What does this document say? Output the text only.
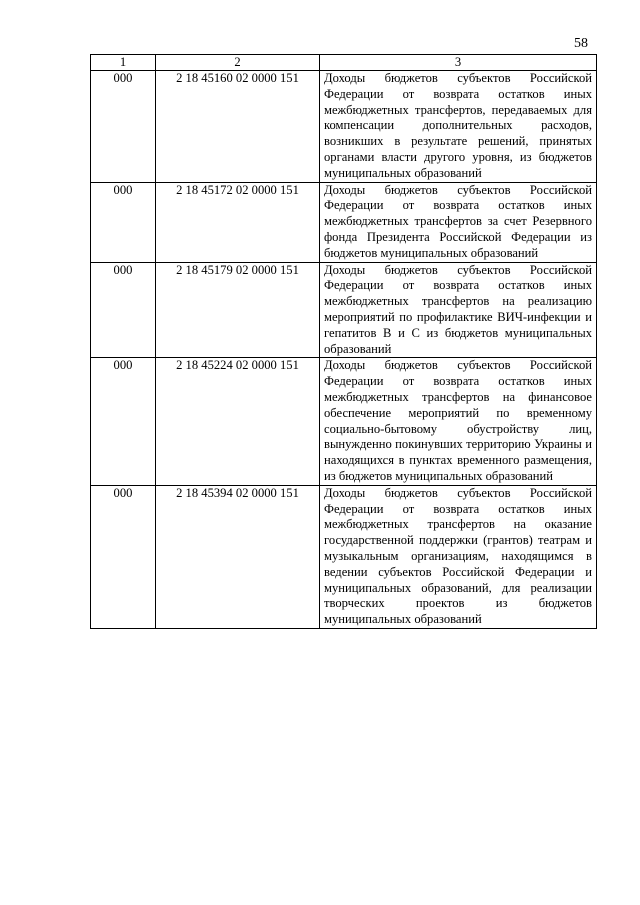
58
1	2	3
000	2 18 45160 02 0000 151	Доходы бюджетов субъектов Российской Федерации от возврата остатков иных межбюджетных трансфертов, передаваемых для компенсации дополнительных расходов, возникших в результате решений, принятых органами власти другого уровня, из бюджетов муниципальных образований
000	2 18 45172 02 0000 151	Доходы бюджетов субъектов Российской Федерации от возврата остатков иных межбюджетных трансфертов за счет Резервного фонда Президента Российской Федерации из бюджетов муниципальных образований
000	2 18 45179 02 0000 151	Доходы бюджетов субъектов Российской Федерации от возврата остатков иных межбюджетных трансфертов на реализацию мероприятий по профилактике ВИЧ-инфекции и гепатитов В и С из бюджетов муниципальных образований
000	2 18 45224 02 0000 151	Доходы бюджетов субъектов Российской Федерации от возврата остатков иных межбюджетных трансфертов на финансовое обеспечение мероприятий по временному социально-бытовому обустройству лиц, вынужденно покинувших территорию Украины и находящихся в пунктах временного размещения, из бюджетов муниципальных образований
000	2 18 45394 02 0000 151	Доходы бюджетов субъектов Российской Федерации от возврата остатков иных межбюджетных трансфертов на оказание государственной поддержки (грантов) театрам и музыкальным организациям, находящимся в ведении субъектов Российской Федерации и муниципальных образований, для реализации творческих проектов из бюджетов муниципальных образований
